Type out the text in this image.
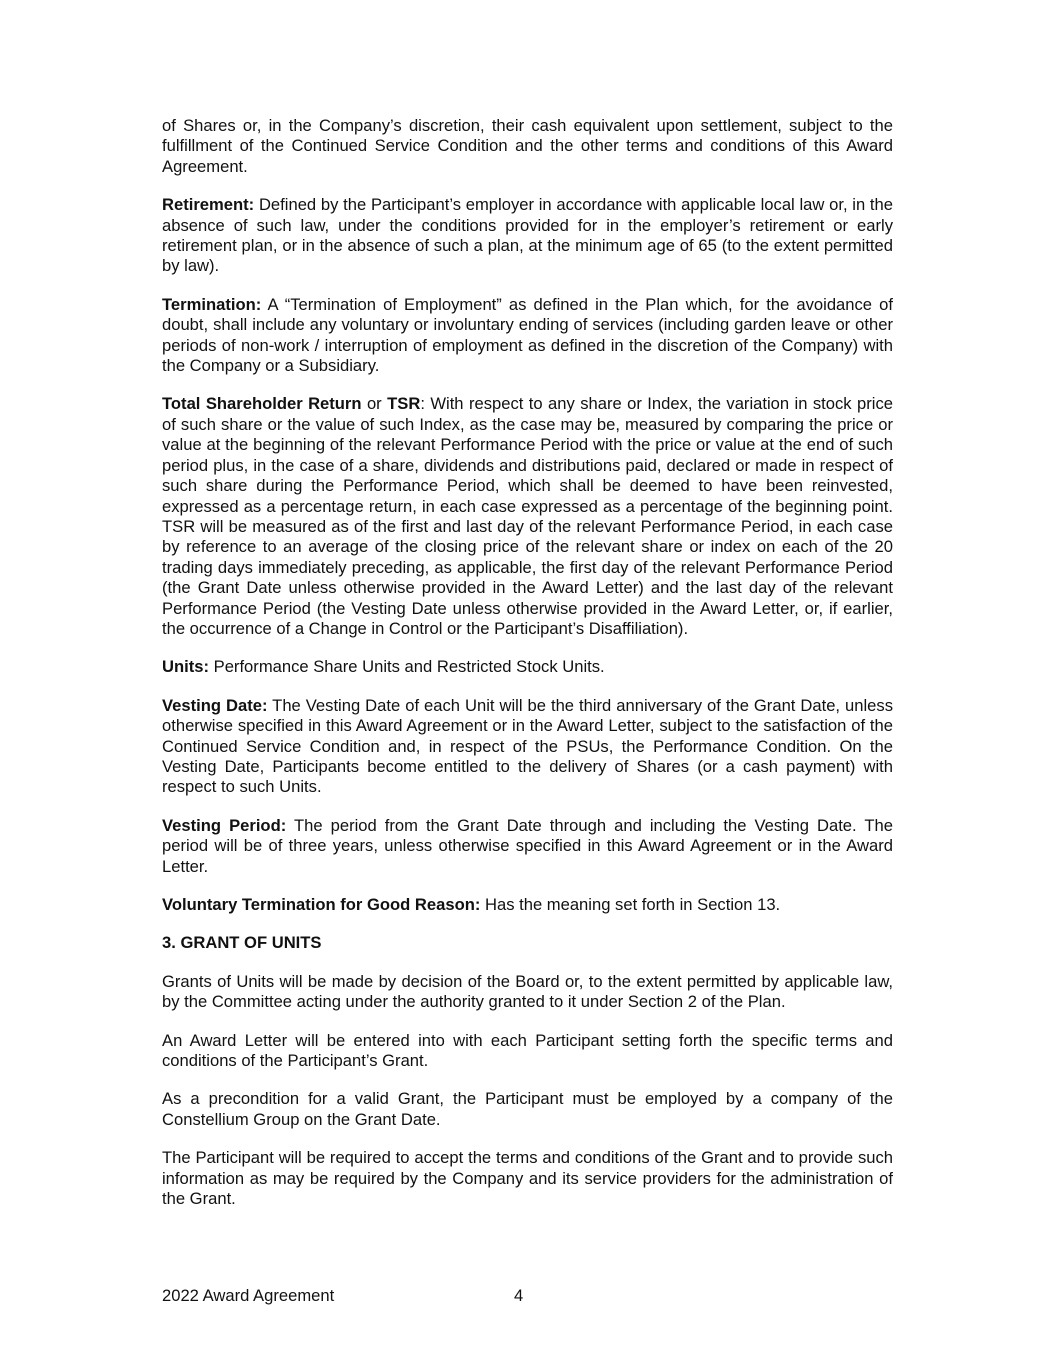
of Shares or, in the Company’s discretion, their cash equivalent upon settlement, subject to the fulfillment of the Continued Service Condition and the other terms and conditions of this Award Agreement.

Retirement: Defined by the Participant’s employer in accordance with applicable local law or, in the absence of such law, under the conditions provided for in the employer’s retirement or early retirement plan, or in the absence of such a plan, at the minimum age of 65 (to the extent permitted by law).

Termination: A “Termination of Employment” as defined in the Plan which, for the avoidance of doubt, shall include any voluntary or involuntary ending of services (including garden leave or other periods of non-work / interruption of employment as defined in the discretion of the Company) with the Company or a Subsidiary.

Total Shareholder Return or TSR: With respect to any share or Index, the variation in stock price of such share or the value of such Index, as the case may be, measured by comparing the price or value at the beginning of the relevant Performance Period with the price or value at the end of such period plus, in the case of a share, dividends and distributions paid, declared or made in respect of such share during the Performance Period, which shall be deemed to have been reinvested, expressed as a percentage return, in each case expressed as a percentage of the beginning point. TSR will be measured as of the first and last day of the relevant Performance Period, in each case by reference to an average of the closing price of the relevant share or index on each of the 20 trading days immediately preceding, as applicable, the first day of the relevant Performance Period (the Grant Date unless otherwise provided in the Award Letter) and the last day of the relevant Performance Period (the Vesting Date unless otherwise provided in the Award Letter, or, if earlier, the occurrence of a Change in Control or the Participant’s Disaffiliation).

Units: Performance Share Units and Restricted Stock Units.

Vesting Date: The Vesting Date of each Unit will be the third anniversary of the Grant Date, unless otherwise specified in this Award Agreement or in the Award Letter, subject to the satisfaction of the Continued Service Condition and, in respect of the PSUs, the Performance Condition. On the Vesting Date, Participants become entitled to the delivery of Shares (or a cash payment) with respect to such Units.

Vesting Period: The period from the Grant Date through and including the Vesting Date. The period will be of three years, unless otherwise specified in this Award Agreement or in the Award Letter.

Voluntary Termination for Good Reason: Has the meaning set forth in Section 13.

3. GRANT OF UNITS

Grants of Units will be made by decision of the Board or, to the extent permitted by applicable law, by the Committee acting under the authority granted to it under Section 2 of the Plan.

An Award Letter will be entered into with each Participant setting forth the specific terms and conditions of the Participant’s Grant.

As a precondition for a valid Grant, the Participant must be employed by a company of the Constellium Group on the Grant Date.

The Participant will be required to accept the terms and conditions of the Grant and to provide such information as may be required by the Company and its service providers for the administration of the Grant.

2022 Award Agreement	4
